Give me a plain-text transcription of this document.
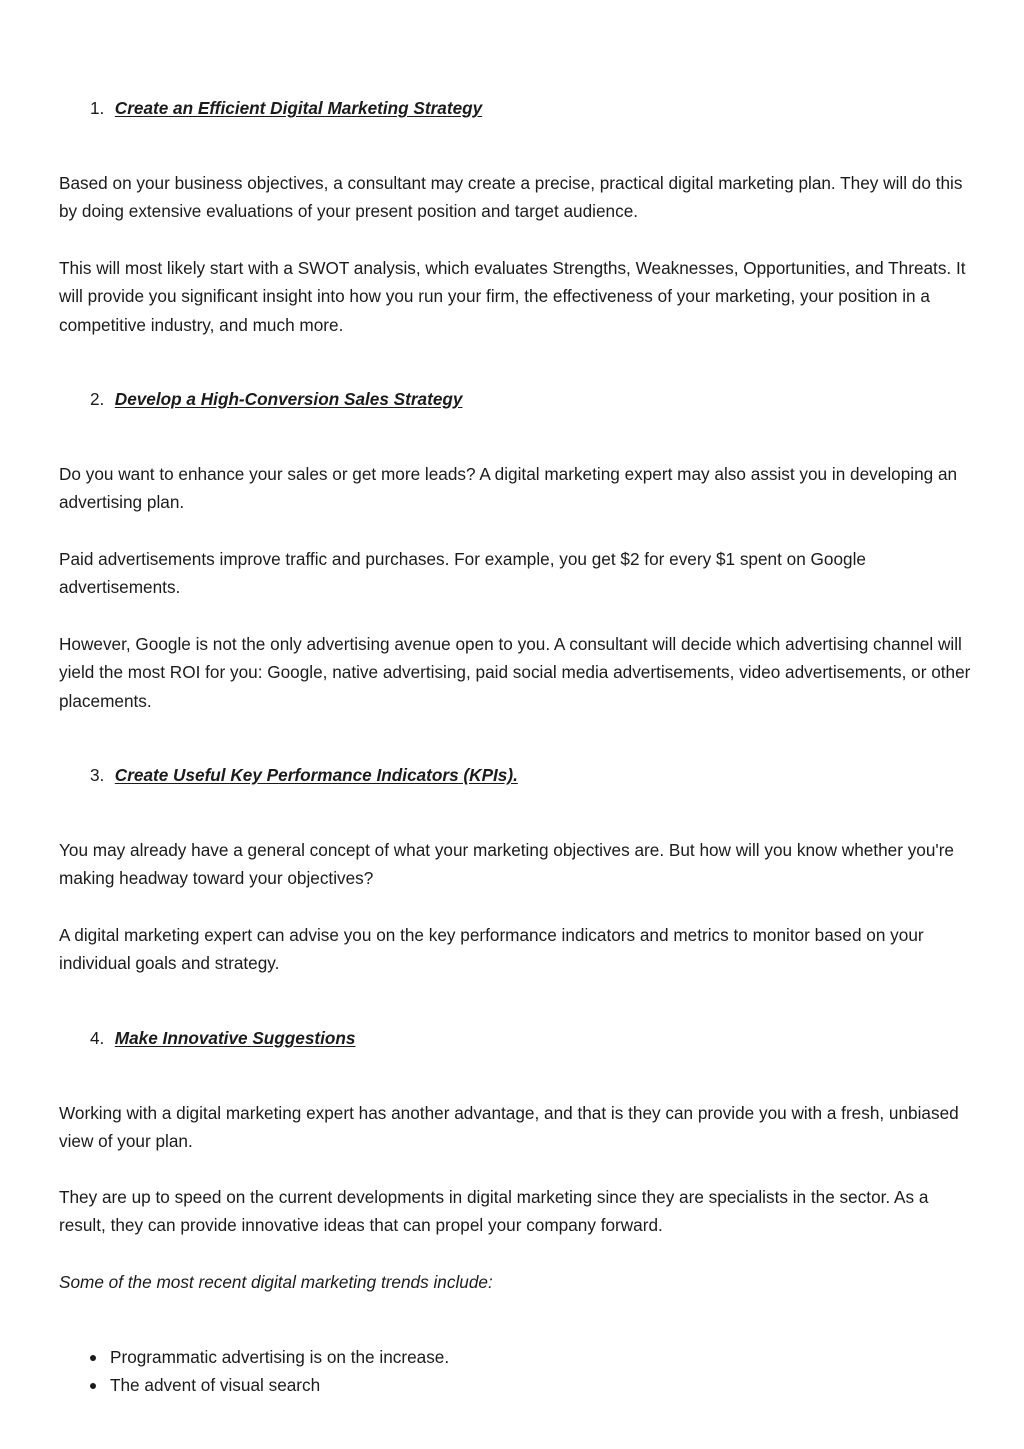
1. Create an Efficient Digital Marketing Strategy

Based on your business objectives, a consultant may create a precise, practical digital marketing plan. They will do this by doing extensive evaluations of your present position and target audience.

This will most likely start with a SWOT analysis, which evaluates Strengths, Weaknesses, Opportunities, and Threats. It will provide you significant insight into how you run your firm, the effectiveness of your marketing, your position in a competitive industry, and much more.

2. Develop a High-Conversion Sales Strategy

Do you want to enhance your sales or get more leads? A digital marketing expert may also assist you in developing an advertising plan.

Paid advertisements improve traffic and purchases. For example, you get $2 for every $1 spent on Google advertisements.

However, Google is not the only advertising avenue open to you. A consultant will decide which advertising channel will yield the most ROI for you: Google, native advertising, paid social media advertisements, video advertisements, or other placements.

3. Create Useful Key Performance Indicators (KPIs).

You may already have a general concept of what your marketing objectives are. But how will you know whether you're making headway toward your objectives?

A digital marketing expert can advise you on the key performance indicators and metrics to monitor based on your individual goals and strategy.

4. Make Innovative Suggestions

Working with a digital marketing expert has another advantage, and that is they can provide you with a fresh, unbiased view of your plan.

They are up to speed on the current developments in digital marketing since they are specialists in the sector. As a result, they can provide innovative ideas that can propel your company forward.

Some of the most recent digital marketing trends include:

Programmatic advertising is on the increase.
The advent of visual search
